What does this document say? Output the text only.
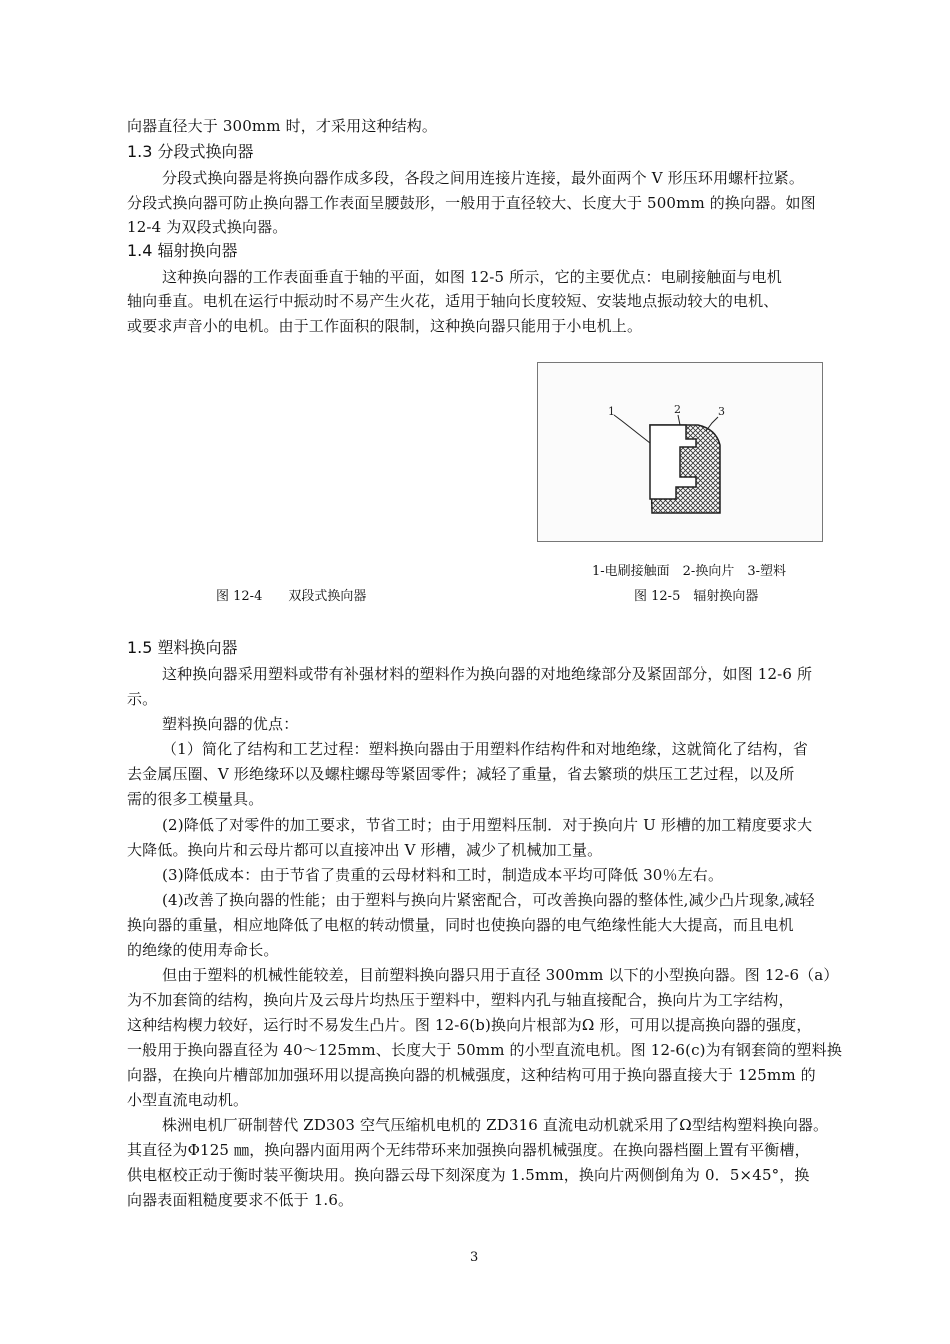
向器直径大于 300mm 时，才采用这种结构。
1.3 分段式换向器
分段式换向器是将换向器作成多段，各段之间用连接片连接，最外面两个 V 形压环用螺杆拉紧。
分段式换向器可防止换向器工作表面呈腰鼓形，一般用于直径较大、长度大于 500mm 的换向器。如图
12-4 为双段式换向器。
1.4 辐射换向器
这种换向器的工作表面垂直于轴的平面，如图 12-5 所示，它的主要优点：电刷接触面与电机
轴向垂直。电机在运行中振动时不易产生火花，适用于轴向长度较短、安装地点振动较大的电机、
或要求声音小的电机。由于工作面积的限制，这种换向器只能用于小电机上。
1	2	3
1-电刷接触面　2-换向片　3-塑料
图 12-4　　双段式换向器	图 12-5　辐射换向器
1.5 塑料换向器
这种换向器采用塑料或带有补强材料的塑料作为换向器的对地绝缘部分及紧固部分，如图 12-6 所
示。
塑料换向器的优点：
（1）简化了结构和工艺过程：塑料换向器由于用塑料作结构件和对地绝缘，这就简化了结构，省
去金属压圈、V 形绝缘环以及螺柱螺母等紧固零件；减轻了重量，省去繁琐的烘压工艺过程，以及所
需的很多工模量具。
(2)降低了对零件的加工要求，节省工时；由于用塑料压制．对于换向片 U 形槽的加工精度要求大
大降低。换向片和云母片都可以直接冲出 V 形槽，减少了机械加工量。
(3)降低成本：由于节省了贵重的云母材料和工时，制造成本平均可降低 30％左右。
(4)改善了换向器的性能；由于塑料与换向片紧密配合，可改善换向器的整体性,减少凸片现象,减轻
换向器的重量，相应地降低了电枢的转动惯量，同时也使换向器的电气绝缘性能大大提高，而且电机
的绝缘的使用寿命长。
但由于塑料的机械性能较差，目前塑料换向器只用于直径 300mm 以下的小型换向器。图 12-6（a）
为不加套筒的结构，换向片及云母片均热压于塑料中，塑料内孔与轴直接配合，换向片为工字结构，
这种结构楔力较好，运行时不易发生凸片。图 12-6(b)换向片根部为Ω 形，可用以提高换向器的强度，
一般用于换向器直径为 40～125mm、长度大于 50mm 的小型直流电机。图 12-6(c)为有钢套筒的塑料换
向器，在换向片槽部加加强环用以提高换向器的机械强度，这种结构可用于换向器直接大于 125mm 的
小型直流电动机。
株洲电机厂研制替代 ZD303 空气压缩机电机的 ZD316 直流电动机就采用了Ω型结构塑料换向器。
其直径为Φ125 ㎜，换向器内面用两个无纬带环来加强换向器机械强度。在换向器档圈上置有平衡槽，
供电枢校正动于衡时装平衡块用。换向器云母下刻深度为 1.5mm，换向片两侧倒角为 0．5×45°，换
向器表面粗糙度要求不低于 1.6。
3
